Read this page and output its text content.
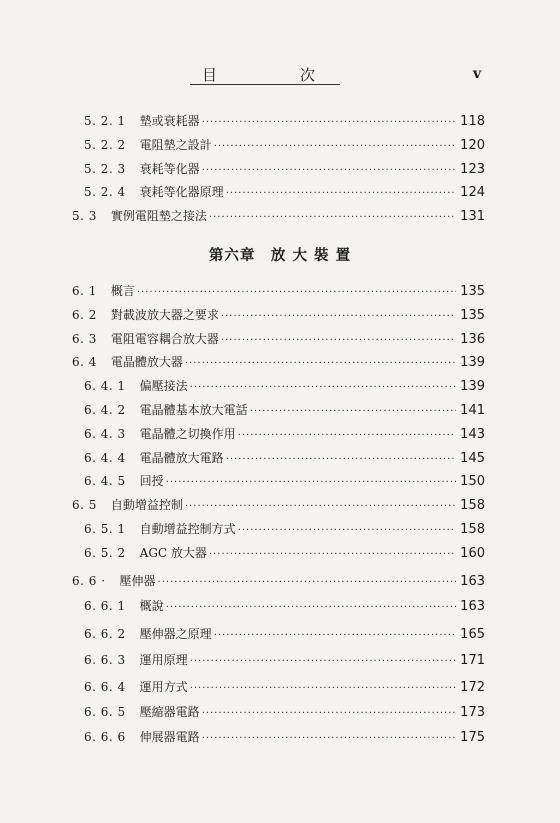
目	次	v
第六章　放 大 裝 置
5. 2. 1 墊或衰耗器 ·····	118
5. 2. 2 電阻墊之設計 ·····	120
5. 2. 3 衰耗等化器 ·····	123
5. 2. 4 衰耗等化器原理 ·····	124
5. 3 實例電阻墊之接法 ·····	131
6. 1 概言 ·····	135
6. 2 對載波放大器之要求 ·····	135
6. 3 電阻電容耦合放大器 ·····	136
6. 4 電晶體放大器 ·····	139
6. 4. 1 偏壓接法 ·····	139
6. 4. 2 電晶體基本放大電話 ·····	141
6. 4. 3 電晶體之切換作用 ·····	143
6. 4. 4 電晶體放大電路 ·····	145
6. 4. 5 回授 ·····	150
6. 5 自動增益控制 ·····	158
6. 5. 1 自動增益控制方式 ·····	158
6. 5. 2 AGC 放大器 ·····	160
6. 6 · 壓伸器 ·····	163
6. 6. 1 概說 ·····	163
6. 6. 2 壓伸器之原理 ·····	165
6. 6. 3 運用原理 ·····	171
6. 6. 4 運用方式 ·····	172
6. 6. 5 壓縮器電路 ·····	173
6. 6. 6 伸展器電路 ·····	175
